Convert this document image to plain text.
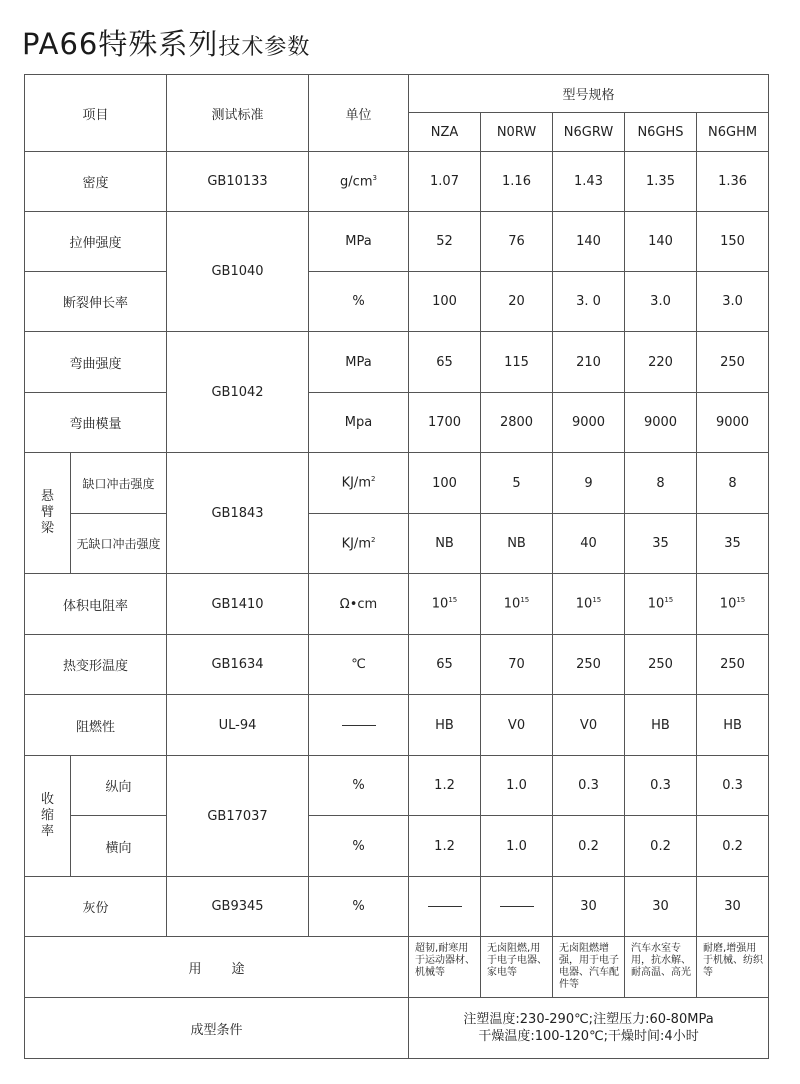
PA66特殊系列技术参数
项目		测试标准	单位	型号规格				
				NZA	N0RW	N6GRW	N6GHS	N6GHM
密度		GB10133	$g/cm^3$	1.07	1.16	1.43	1.35	1.36
拉伸强度		GB1040	MPa	52	76	140	140	150
断裂伸长率			%	100	20	3. 0	3.0	3.0
弯曲强度		GB1042	MPa	65	115	210	220	250
弯曲模量			Mpa	1700	2800	9000	9000	9000

悬臂梁	缺口冲击强度	GB1843	$KJ/m^2$	100	5	9	8	8
	无缺口冲击强度		$KJ/m^2$	NB	NB	40	35	35
体积电阻率		GB1410	Ω•cm	$10^{15}$	$10^{15}$	$10^{15}$	$10^{15}$	$10^{15}$
热变形温度		GB1634	℃	65	70	250	250	250
阻燃性		UL-94		HB	V0	V0	HB	HB

收缩率	纵向	GB17037	%	1.2	1.0	0.3	0.3	0.3
	横向		%	1.2	1.0	0.2	0.2	0.2
灰份		GB9345	%			30	30	30
用途				超韧,耐寒用于运动器材、机械等	无卤阻燃,用于电子电器、家电等	无卤阻燃增强，用于电子电器、汽车配件等	汽车水室专用，抗水解、耐高温、高光	耐磨,增强用于机械、纺织等
成型条件				注塑温度:230-290℃;注塑压力:60-80MPa
干燥温度:100-120℃;干燥时间:4小时				
